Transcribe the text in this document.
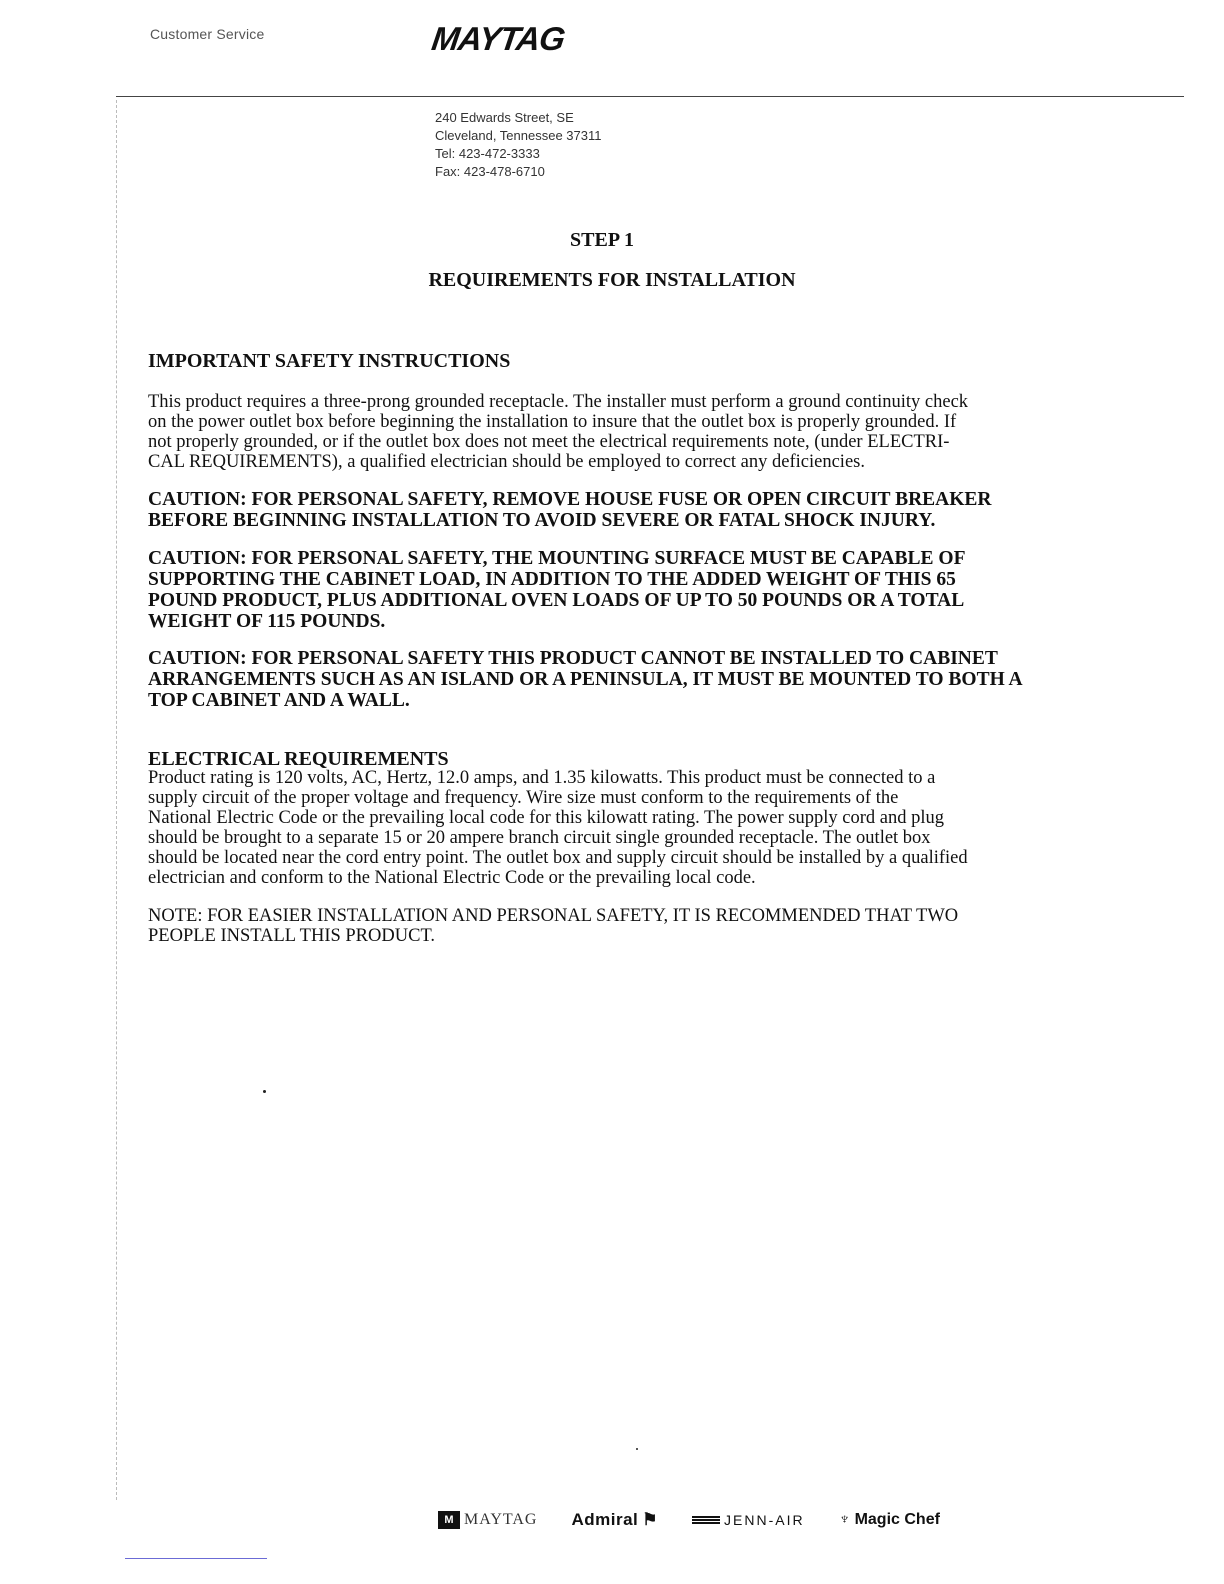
Customer Service	MAYTAG
240 Edwards Street, SE
Cleveland, Tennessee 37311
Tel: 423-472-3333
Fax: 423-478-6710
STEP 1
REQUIREMENTS FOR INSTALLATION
IMPORTANT SAFETY INSTRUCTIONS
This product requires a three-prong grounded receptacle. The installer must perform a ground continuity check
on the power outlet box before beginning the installation to insure that the outlet box is properly grounded. If
not properly grounded, or if the outlet box does not meet the electrical requirements note, (under ELECTRI-
CAL REQUIREMENTS), a qualified electrician should be employed to correct any deficiencies.
CAUTION: FOR PERSONAL SAFETY, REMOVE HOUSE FUSE OR OPEN CIRCUIT BREAKER
BEFORE BEGINNING INSTALLATION TO AVOID SEVERE OR FATAL SHOCK INJURY.
CAUTION: FOR PERSONAL SAFETY, THE MOUNTING SURFACE MUST BE CAPABLE OF
SUPPORTING THE CABINET LOAD, IN ADDITION TO THE ADDED WEIGHT OF THIS 65
POUND PRODUCT, PLUS ADDITIONAL OVEN LOADS OF UP TO 50 POUNDS OR A TOTAL
WEIGHT OF 115 POUNDS.
CAUTION: FOR PERSONAL SAFETY THIS PRODUCT CANNOT BE INSTALLED TO CABINET
ARRANGEMENTS SUCH AS AN ISLAND OR A PENINSULA, IT MUST BE MOUNTED TO BOTH A
TOP CABINET AND A WALL.
ELECTRICAL REQUIREMENTS
Product rating is 120 volts, AC, Hertz, 12.0 amps, and 1.35 kilowatts. This product must be connected to a
supply circuit of the proper voltage and frequency. Wire size must conform to the requirements of the
National Electric Code or the prevailing local code for this kilowatt rating. The power supply cord and plug
should be brought to a separate 15 or 20 ampere branch circuit single grounded receptacle. The outlet box
should be located near the cord entry point. The outlet box and supply circuit should be installed by a qualified
electrician and conform to the National Electric Code or the prevailing local code.
NOTE: FOR EASIER INSTALLATION AND PERSONAL SAFETY, IT IS RECOMMENDED THAT TWO
PEOPLE INSTALL THIS PRODUCT.
M MAYTAG Admiral ⚑	JENN-AIR ♆ Magic Chef
